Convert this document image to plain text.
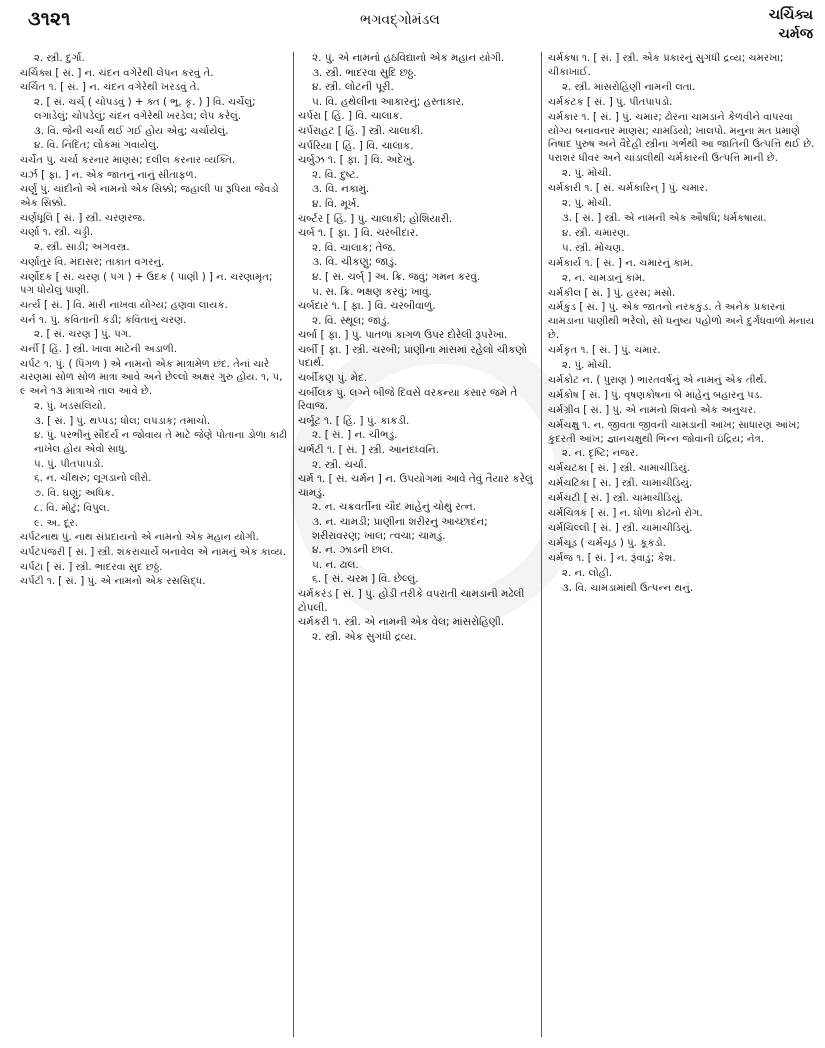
૩૧૨૧	ભગવદ્ગોમંડલ	ચર્ચિક્ય
ચર્મજ
૨. સ્ત્રી. દુર્ગા.
ચર્ચિક્ય [ સં. ] ન. ચંદન વગેરેથી લેપન કરવું તે.
ચર્ચિત ૧. [ સં. ] ન. ચંદન વગેરેથી ખરડવું તે.
૨. [ સં. ચર્ચ્ ( ચોપડવું ) + ક્ત ( ભૂ. કૃ. ) ] વિ. ચર્ચેલું; લગાડેલું; ચોપડેલું; ચંદન વગેરેથી ખરડેલ; લેપ કરેલું.
૩. વિ. જેની ચર્ચા થઈ ગઈ હોય એવું; ચર્ચાયેલું.
૪. વિ. નિંદિત; લોકમાં ગવાયેલું.
ચર્ચેત પું. ચર્ચા કરનાર માણસ; દલીલ કરનાર વ્યક્તિ.
ચર્ઝ [ ફા. ] ન. એક જાતનું નાનું સીતાફળ.
ચર્ણું પું. ચાંદીનો એ નામનો એક સિક્કો; જહાલી પા રૂપિયા જેવડો એક સિક્કો.
ચર્ણધૂલિ [ સં. ] સ્ત્રી. ચરણરજ.
ચર્ણા ૧. સ્ત્રી. ચડ્ડી.
૨. સ્ત્રી. સાડી; અંગવસ્ત્ર.
ચર્ણાતુર વિ. મંદાસર; તાકાત વગરનું.
ચર્ણોદક [ સં. ચરણ ( પગ ) + ઉદક ( પાણી ) ] ન. ચરણામૃત; પગ ધોયેલું પાણી.
ચર્ત્ય [ સં. ] વિ. મારી નાખવા યોગ્ય; હણવા લાયક.
ચર્ન ૧. પું. કવિતાની કડી; કવિતાનું ચરણ.
૨. [ સં. ચરણ ] પું. પગ.
ચર્ની [ હિં. ] સ્ત્રી. ખાવા માટેની અડાળી.
ચર્પટ ૧. પું. ( પિંગળ ) એ નામનો એક માત્રામેળ છંદ. તેનાં ચારે ચરણમાં સોળ સોળ માત્રા આવે અને છેલ્લો અક્ષર ગુરુ હોય. ૧, ૫, ૯ અને ૧૩ માત્રાએ તાલ આવે છે.
૨. પું. ખડસલિયો.
૩. [ સં. ] પું. થપ્પડ; ધોલ; લપડાક; તમાચો.
૪. પું. પરભીનું સૌંદર્ય ન જોવાય તે માટે જેણે પોતાના ડોળા કાઢી નાખેલ હોય એવો સાધુ.
૫. પું. પીતપાપડો.
૬. ન. ચીંથરું; લૂગડાનો લીરો.
૭. વિ. ઘણું; અધિક.
૮. વિ. મોટું; વિપુલ.
૯. અ. દૂર.
ચર્પટનાથ પું. નાથ સંપ્રદાયનો એ નામનો એક મહાન યોગી.
ચર્પટપંજરી [ સં. ] સ્ત્રી. શંકરાચાર્યે બનાવેલ એ નામનું એક કાવ્ય.
ચર્પટા [ સં. ] સ્ત્રી. ભાદરવા સુદ છઠ્ઠ.
ચર્પટી ૧. [ સં. ] પું. એ નામનો એક રસસિદ્ધ.
૨. પું. એ નામનો હઠવિદ્યાનો એક મહાન યોગી.
૩. સ્ત્રી. ભાદરવા સુદિ છઠ્ઠ.
૪. સ્ત્રી. લોટની પૂરી.
૫. વિ. હથેલીના આકારનું; હસ્તાકાર.
ચર્પરા [ હિં. ] વિ. ચાલાક.
ચર્પરાહટ [ હિં. ] સ્ત્રી. ચાલાકી.
ચર્પરિયા [ હિં. ] વિ. ચાલાક.
ચર્બુઝ ૧. [ ફા. ] વિ. અદેખું.
૨. વિ. દુષ્ટ.
૩. વિ. નકામું.
૪. વિ. મૂર્ખ.
ચર્બ્ટર [ હિં. ] પું. ચાલાકી; હોશિયારી.
ચર્બ ૧. [ ફા. ] વિ. ચરબીદાર.
૨. વિ. ચાલાક; તેજ.
૩. વિ. ચીકણું; જાડું.
૪. [ સં. ચર્બ્ ] અ. ક્રિ. જવું; ગમન કરવું.
૫. સ. ક્રિ. ભક્ષણ કરવું; ખાવું.
ચર્બદાર ૧. [ ફા. ] વિ. ચરબીવાળું.
૨. વિ. સ્થૂલ; જાડું.
ચર્બા [ ફા. ] પું. પાતળા કાગળ ઉપર દોરેલી રૂપરેખા.
ચર્બી [ ફા. ] સ્ત્રી. ચરબી; પ્રાણીના માંસમાં રહેલો ચીકણો પદાર્થ.
ચર્બીકણ પું. મેદ.
ચર્બીલક પું. લગ્ને બીજે દિવસે વરકન્યા કંસાર જમે તે રિવાજ.
ચર્બૂટ ૧. [ હિં. ] પું. કાકડી.
૨. [ સં. ] ન. ચીભડું.
ચર્ભટી ૧. [ સં. ] સ્ત્રી. આનંદધ્વનિ.
૨. સ્ત્રી. ચર્ચા.
ચર્મ ૧. [ સં. ચર્મન ] ન. ઉપયોગમાં આવે તેવું તૈયાર કરેલું ચામડું.
૨. ન. ચક્રવર્તીનાં ચૌદ માંહેનું ચોથું રત્ન.
૩. ન. ચામડી; પ્રાણીના શરીરનું આચ્છાદન; શરીરાવરણ; ખાલ; ત્વચા; ચામડું.
૪. ન. ઝાડની છાલ.
૫. ન. ઢાલ.
૬. [ સં. ચરમ ] વિ. છેલ્લું.
ચર્મકરંડ [ સં. ] પું. હોડી તરીકે વપરાતી ચામડાની મઢેલી ટોપલી.
ચર્મકરી ૧. સ્ત્રી. એ નામની એક વેલ; માંસરોહિણી.
૨. સ્ત્રી. એક સુગંધી દ્રવ્ય.
ચર્મકષા ૧. [ સં. ] સ્ત્રી. એક પ્રકારનું સુગંધી દ્રવ્ય; ચમરખા; ચીકાખાઈ.
૨. સ્ત્રી. માંસરોહિણી નામની લતા.
ચર્મકંટક [ સં. ] પું. પીતપાપડો.
ચર્મકાર ૧. [ સં. ] પું. ચમાર; ઢોરના ચામડાને કેળવીને વાપરવા યોગ્ય બનાવનાર માણસ; ચામડિયો; ખાલપો. મનુના મત પ્રમાણે નિષાદ પુરુષ અને વૈદેહી સ્ત્રીના ગર્ભથી આ જાતિની ઉત્પત્તિ થઈ છે. પરાશર ધીવર અને ચાંડાલીથી ચર્મકારની ઉત્પત્તિ માની છે.
૨. પું. મોચી.
ચર્મકારી ૧. [ સં. ચર્મકારિન્ ] પું. ચમાર.
૨. પું. મોચી.
૩. [ સં. ] સ્ત્રી. એ નામની એક ઔષધિ; ધર્મકષાયા.
૪. સ્ત્રી. ચમારણ.
૫. સ્ત્રી. મોચણ.
ચર્મકાર્ય ૧. [ સં. ] ન. ચમારનું કામ.
૨. ન. ચામડાનું કામ.
ચર્મકીલ [ સં. ] પું. હરસ; મસો.
ચર્મકુંડ [ સં. ] પું. એક જાતનો નરકકુંડ. તે અનેક પ્રકારનાં ચામડાનાં પાણીથી ભરેલો, સો ધનુષ્ય પહોળો અને દુર્ગંધવાળો મનાય છે.
ચર્મકૃત ૧. [ સં. ] પું. ચમાર.
૨. પું. મોચી.
ચર્મકોટ ન. ( પુરાણ ) ભારતવર્ષનું એ નામનું એક તીર્થ.
ચર્મકોષ [ સં. ] પું. વૃષણકોષનાં બે માંહેનું બહારનું પડ.
ચર્મગ્રીવ [ સં. ] પું. એ નામનો શિવનો એક અનુચર.
ચર્મચક્ષુ ૧. ન. જીવતા જીવની ચામડાની આંખ; સાધારણ આંખ; કુદરતી આંખ; જ્ઞાનચક્ષુથી ભિન્ન જોવાની ઇંદ્રિય; નેત્ર.
૨. ન. દૃષ્ટિ; નજર.
ચર્મચટકા [ સં. ] સ્ત્રી. ચામાચીડિયું.
ચર્મચટિકા [ સં. ] સ્ત્રી. ચામાચીડિયું.
ચર્મચટી [ સં. ] સ્ત્રી. ચામાચીડિયું.
ચર્મચિત્રક [ સં. ] ન. ધોળા કોઢનો રોગ.
ચર્મચિલ્લી [ સં. ] સ્ત્રી. ચામાચીડિયું.
ચર્મચૂડ ( ચર્મચૂડ ) પું. કૂકડો.
ચર્મજ ૧. [ સં. ] ન. રૂંવાડું; કેશ.
૨. ન. લોહી.
૩. વિ. ચામડામાંથી ઉત્પન્ન થનું.
